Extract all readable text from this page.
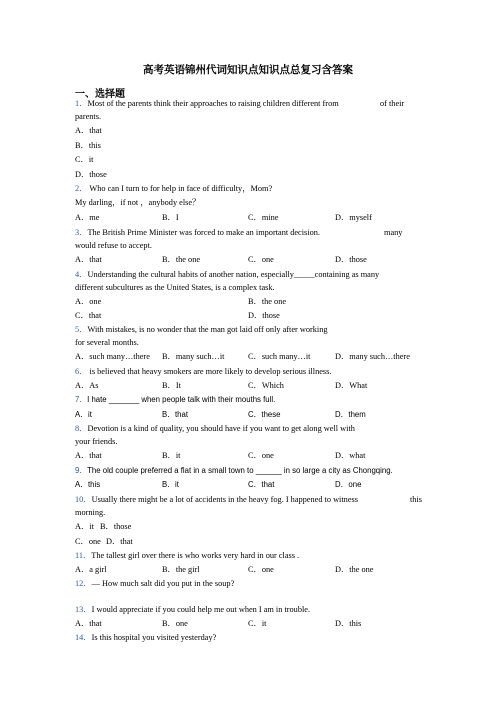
高考英语锦州代词知识点知识点总复习含答案
一、选择题
1．Most of the parents think their approaches to raising children different from	of their
parents.
A．that
B．this
C．it
D．those
2． Who can I turn to for help in face of difficulty，Mom?
My darling，if not ，anybody else？
A．me	B．I	C．mine	D．myself
3．The British Prime Minister was forced to make an important decision.	many
would refuse to accept.
A．that	B．the one	C．one	D．those
4．Understanding the cultural habits of another nation, especially_____containing as many
different subcultures as the United States, is a complex task.
A．one	B．the one
C．that	D．those
5．With mistakes, is no wonder that the man got laid off only after working
for several months.
A．such many…there B．many such…it	C．such many…it	D．many such…there
6． is believed that heavy smokers are more likely to develop serious illness.
A．As	B．It	C．Which	D．What
7．I hate _______ when people talk with their mouths full.
A．it	B．that	C．these	D．them
8．Devotion is a kind of quality, you should have if you want to get along well with
your friends.
A．that	B．it	C．one	D．what
9．The old couple preferred a flat in a small town to ______ in so large a city as Chongqing.
A．this	B．it	C．that	D．one
10．Usually there might be a lot of accidents in the heavy fog. I happened to witness	this
morning.
A．it B．those
C．one D．that
11．The tallest girl over there is who works very hard in our class .
A．a girl	B．the girl	C．one	D．the one
12．— How much salt did you put in the soup?
13．I would appreciate if you could help me out when I am in trouble.
A．that	B．one	C．it	D．this
14．Is this hospital you visited yesterday?
